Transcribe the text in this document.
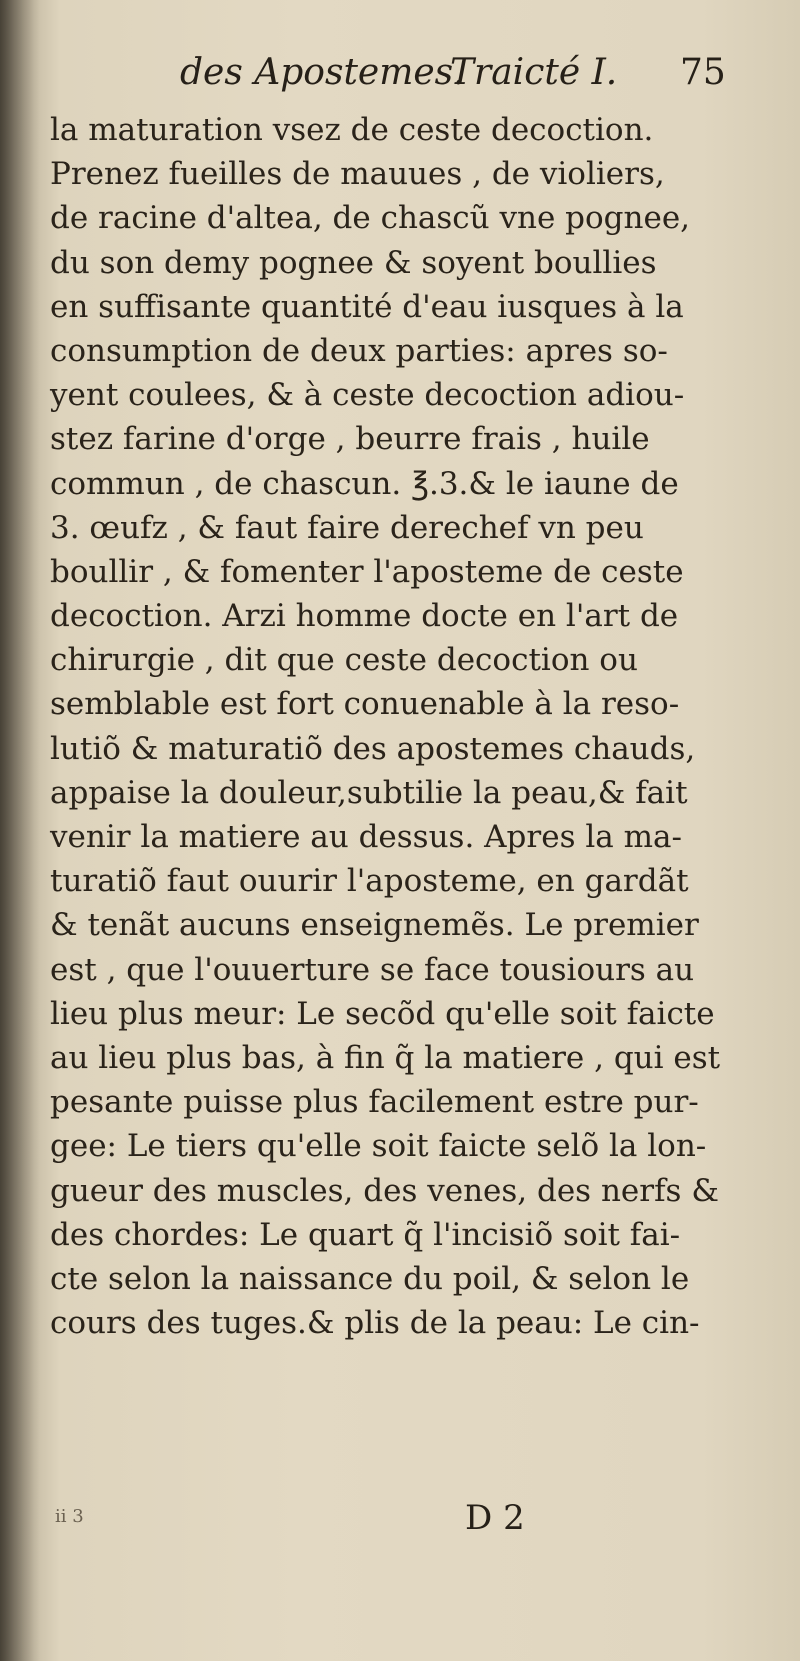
des Apostemes.
Traicté I. 75
la maturation vsez de ceste decoction.
Prenez fueilles de mauues , de violiers,
de racine d'altea, de chascũ vne pognee,
du son demy pognee & soyent boullies
en suffisante quantité d'eau iusques à la
consumption de deux parties: apres so-
yent coulees, & à ceste decoction adiou-
stez farine d'orge , beurre frais , huile
commun , de chascun. ℥.3.& le iaune de
3. œufz , & faut faire derechef vn peu
boullir , & fomenter l'aposteme de ceste
decoction. Arzi homme docte en l'art de
chirurgie , dit que ceste decoction ou
semblable est fort conuenable à la reso-
lutiõ & maturatiõ des apostemes chauds,
appaise la douleur,subtilie la peau,& fait
venir la matiere au dessus. Apres la ma-
turatiõ faut ouurir l'aposteme, en gardãt
& tenãt aucuns enseignemẽs. Le premier
est , que l'ouuerture se face tousiours au
lieu plus meur: Le secõd qu'elle soit faicte
au lieu plus bas, à fin q̃ la matiere , qui est
pesante puisse plus facilement estre pur-
gee: Le tiers qu'elle soit faicte selõ la lon-
gueur des muscles, des venes, des nerfs &
des chordes: Le quart q̃ l'incisiõ soit fai-
cte selon la naissance du poil, & selon le
cours des tuges.& plis de la peau: Le cin-
ii 3	D 2
